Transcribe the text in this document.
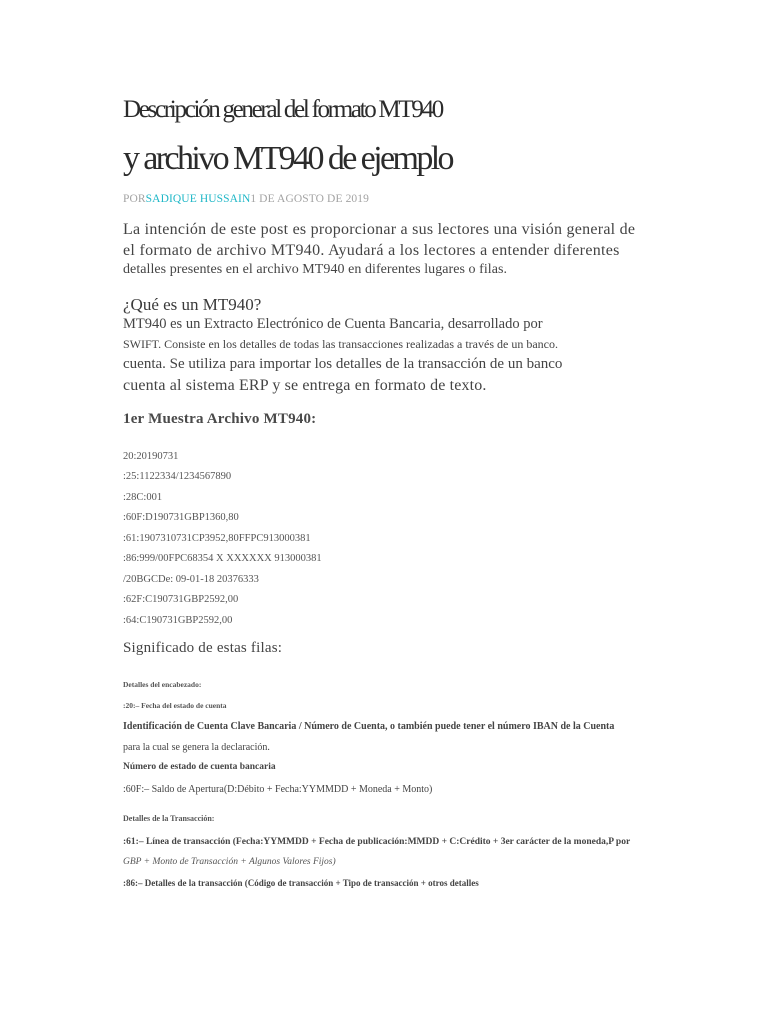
Descripción general del formato MT940
y archivo MT940 de ejemplo
PORSADIQUE HUSSAIN1 DE AGOSTO DE 2019
La intención de este post es proporcionar a sus lectores una visión general de
el formato de archivo MT940. Ayudará a los lectores a entender diferentes
detalles presentes en el archivo MT940 en diferentes lugares o filas.
¿Qué es un MT940?
MT940 es un Extracto Electrónico de Cuenta Bancaria, desarrollado por
SWIFT. Consiste en los detalles de todas las transacciones realizadas a través de un banco.
cuenta. Se utiliza para importar los detalles de la transacción de un banco
cuenta al sistema ERP y se entrega en formato de texto.
1er Muestra Archivo MT940:
20:20190731
:25:1122334/1234567890
:28C:001
:60F:D190731GBP1360,80
:61:1907310731CP3952,80FFPC913000381
:86:999/00FPC68354 X XXXXXX 913000381
/20BGCDe: 09-01-18 20376333
:62F:C190731GBP2592,00
:64:C190731GBP2592,00
Significado de estas filas:
Detalles del encabezado:
:20:– Fecha del estado de cuenta
Identificación de Cuenta Clave Bancaria / Número de Cuenta, o también puede tener el número IBAN de la Cuenta
para la cual se genera la declaración.
Número de estado de cuenta bancaria
:60F:– Saldo de Apertura(D:Débito + Fecha:YYMMDD + Moneda + Monto)
Detalles de la Transacción:
:61:– Línea de transacción (Fecha:YYMMDD + Fecha de publicación:MMDD + C:Crédito + 3er carácter de la moneda,P por
GBP + Monto de Transacción + Algunos Valores Fijos)
:86:– Detalles de la transacción (Código de transacción + Tipo de transacción + otros detalles
